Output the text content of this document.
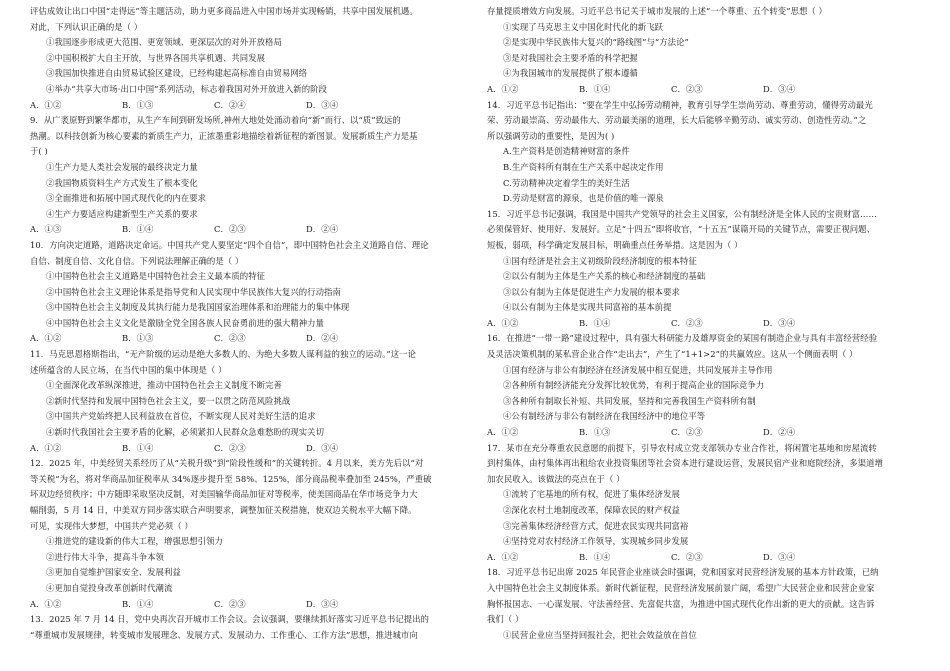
评估成效让出口中国“走得远”等主题活动，助力更多商品进入中国市场并实现畅销，共享中国发展机遇。
对此，下列认识正确的是（ ）
①我国逐步形成更大范围、更宽领域、更深层次的对外开放格局
②中国积极扩大自主开放，与世界各国共享机遇、共同发展
③我国加快推进自由贸易试验区建设，已经构建起高标准自由贸易网络
④举办“共享大市场·出口中国”系列活动，标志着我国对外开放进入新的阶段
A．①②	B．①③	C．②④	D．③④
9．从广袤原野到繁华都市，从生产车间到研发场所,神州大地处处涌动着向“新”而行、以“质”致远的
热潮。以科技创新为核心要素的新质生产力，正浓墨重彩地描绘着新征程的新图景。发展新质生产力是基
于( )
①生产力是人类社会发展的最终决定力量
②我国物质资料生产方式发生了根本变化
③全面推进和拓展中国式现代化的内在要求
④生产力要适应构建新型生产关系的要求
A．①③	B．①④	C．②③	D．②④
10．方向决定道路，道路决定命运。中国共产党人要坚定“四个自信”，即中国特色社会主义道路自信、理论
自信、制度自信、文化自信。下列说法理解正确的是（ ）
①中国特色社会主义道路是中国特色社会主义最本质的特征
②中国特色社会主义理论体系是指导党和人民实现中华民族伟大复兴的行动指南
③中国特色社会主义制度及其执行能力是我国国家治理体系和治理能力的集中体现
④中国特色社会主义文化是激励全党全国各族人民奋勇前进的强大精神力量
A．①②	B．①③	C．②③	D．②④
11．马克思恩格斯指出，“无产阶级的运动是绝大多数人的、为绝大多数人谋利益的独立的运动。”这一论
述所蕴含的人民立场，在当代中国的集中体现是（ ）
①全面深化改革纵深推进，推动中国特色社会主义制度不断完善
②新时代坚持和发展中国特色社会主义，要一以贯之防范风险挑战
③中国共产党始终把人民利益放在首位，不断实现人民对美好生活的追求
④新时代我国社会主要矛盾的化解，必须紧扣人民群众急难愁盼的现实关切
A．①②	B．①④	C．②③	D．③④
12．2025 年，中美经贸关系经历了从“关税升级”到“阶段性缓和”的关键转折。4 月以来，美方先后以“对
等关税”为名，将对华商品加征税率从 34%逐步提升至 58%、125%，部分商品税率叠加至 245%，严重破
坏双边经贸秩序；中方随即采取坚决反制，对美国输华商品加征对等税率，使美国商品在华市场竞争力大
幅削弱，5 月 14 日，中美双方同步落实联合声明要求，调整加征关税措施，使双边关税水平大幅下降。
可见，实现伟大梦想，中国共产党必须（ ）
①推进党的建设新的伟大工程，增强思想引领力
②进行伟大斗争，提高斗争本领
③更加自觉维护国家安全、发展利益
④更加自觉投身改革创新时代潮流
A．①②	B．①④	C．②③	D．③④
13．2025 年 7 月 14 日，党中央再次召开城市工作会议。会议强调，要继续抓好落实习近平总书记提出的
“尊重城市发展规律，转变城市发展理念、发展方式、发展动力、工作重心、工作方法”思想，推进城市向
存量提质增效方向发展。习近平总书记关于城市发展的上述“一个尊重、五个转变”思想（ ）
①实现了马克思主义中国化时代化的新飞跃
②是实现中华民族伟大复兴的“路线图”与“方法论”
③是对我国社会主要矛盾的科学把握
④为我国城市的发展提供了根本遵循
A．①②	B．①④	C．②③	D．③④
14．习近平总书记指出：“要在学生中弘扬劳动精神，教育引导学生崇尚劳动、尊重劳动，懂得劳动最光
荣、劳动最崇高、劳动最伟大、劳动最美丽的道理，长大后能够辛勤劳动、诚实劳动、创造性劳动。”之
所以强调劳动的重要性，是因为( )
A.生产资料是创造精神财富的条件
B.生产资料所有制在生产关系中起决定作用
C.劳动精神决定着学生的美好生活
D.劳动是财富的源泉，也是价值的唯一源泉
15．习近平总书记强调，我国是中国共产党领导的社会主义国家，公有制经济是全体人民的宝贵财富……
必须保管好、使用好、发展好。立足“十四五”即将收官，“十五五”谋篇开局的关键节点，需要正视问题、
短板，弱项，科学确定发展目标，明确重点任务举措。这是因为（ ）
①国有经济是社会主义初级阶段经济制度的根本特征
②以公有制为主体是生产关系的核心和经济制度的基础
③以公有制为主体是促进生产力发展的根本要求
④以公有制为主体是实现共同富裕的基本前提
A．①②	B．①④	C．②③	D．③④
16．在推进“一带一路”建设过程中，具有强大科研能力及雄厚资金的某国有制造企业与具有丰富经营经验
及灵活决策机制的某私营企业合作“走出去”，产生了“1+1>2”的共赢效应。这从一个侧面表明（ ）
①国有经济与非公有制经济在经济发展中相互促进，共同发展并主导作用
②各种所有制经济能充分发挥比较优势，有利于提高企业的国际竞争力
③各种所有制取长补短、共同发展，坚持和完善我国生产资料所有制
④公有制经济与非公有制经济在我国经济中的地位平等
A．①②	B．①③	C．②③	D．②④
17．某市在充分尊重农民意愿的前提下，引导农村成立党支部领办专业合作社，将闲置宅基地和房屋流转
到村集体，由村集体再出租给农业投资集团等社会资本进行建设运营，发展民宿产业和庭院经济，多渠道增
加农民收入。该做法的亮点在于（ ）
①流转了宅基地的所有权，促进了集体经济发展
②深化农村土地制度改革，保障农民的财产权益
③完善集体经济经营方式，促进农民实现共同富裕
④坚持党对农村经济工作领导，实现城乡同步发展
A．①②	B．①④	C．②③	D．③④
18．习近平总书记出席 2025 年民营企业座谈会时强调，党和国家对民营经济发展的基本方针政策，已纳
入中国特色社会主义制度体系。新时代新征程，民营经济发展前景广阔，希望广大民营企业和民营企业家
胸怀报国志、一心谋发展、守法善经营、先富促共富，为推进中国式现代化作出新的更大的贡献。这告诉
我们（ ）
①民营企业应当坚持回报社会，把社会效益放在首位
